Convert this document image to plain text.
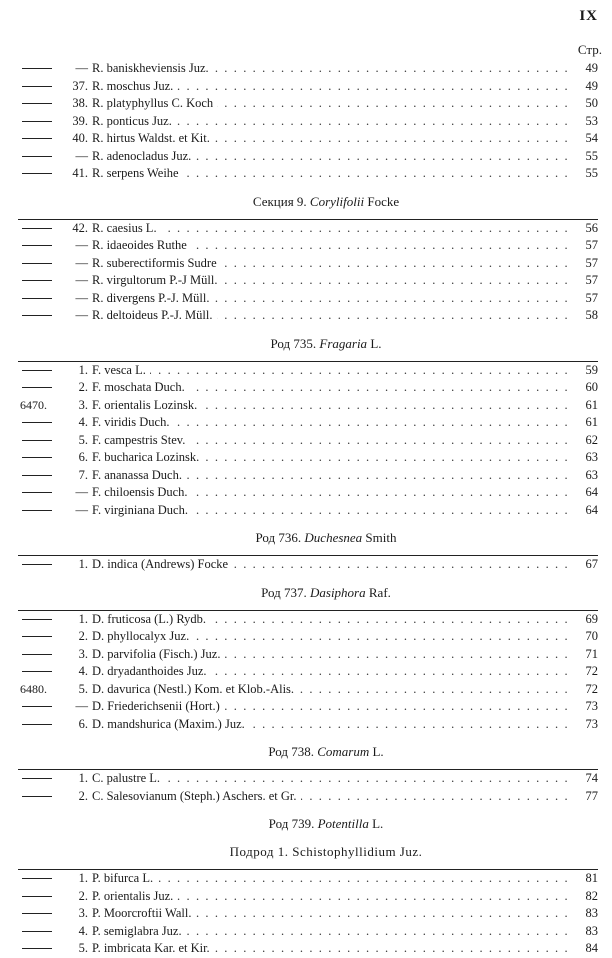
IX
Стр.
— R. baniskheviensis Juz. . . .	49
37. R. moschus Juz. . . .	49
38. R. platyphyllus C. Koch . . .	50
39. R. ponticus Juz. . . .	53
40. R. hirtus Waldst. et Kit. . . .	54
— R. adenocladus Juz. . . .	55
41. R. serpens Weihe . . .	55
Секция 9. Corylifolii Focke
42. R. caesius L. . . .	56
— R. idaeoides Ruthe . . .	57
— R. suberectiformis Sudre . . .	57
— R. virgultorum P.-J Müll. . . .	57
— R. divergens P.-J. Müll. . . .	57
— R. deltoideus P.-J. Müll. . . .	58
Род 735. Fragaria L.
1. F. vesca L. . . .	59
2. F. moschata Duch. . . .	60
6470.	3. F. orientalis Lozinsk. . . .	61
4. F. viridis Duch. . . .	61
5. F. campestris Stev. . . .	62
6. F. bucharica Lozinsk. . . .	63
7. F. ananassa Duch. . . .	63
— F. chiloensis Duch. . . .	64
— F. virginiana Duch. . . .	64
Род 736. Duchesnea Smith
1. D. indica (Andrews) Focke . . .	67
Род 737. Dasiphora Raf.
1. D. fruticosa (L.) Rydb. . . .	69
2. D. phyllocalyx Juz. . . .	70
3. D. parvifolia (Fisch.) Juz. . . .	71
4. D. dryadanthoides Juz. . . .	72
6480.	5. D. davurica (Nestl.) Kom. et Klob.-Alis. . . .	72
— D. Friederichsenii (Hort.) . . .	73
6. D. mandshurica (Maxim.) Juz. . . .	73
Род 738. Comarum L.
1. C. palustre L. . . .	74
2. C. Salesovianum (Steph.) Aschers. et Gr. . . .	77
Род 739. Potentilla L.
Подрод 1. Schistophyllidium Juz.
1. P. bifurca L. . . .	81
2. P. orientalis Juz. . . .	82
3. P. Moorcroftii Wall. . . .	83
4. P. semiglabra Juz. . . .	83
5. P. imbricata Kar. et Kir. . . .	84
